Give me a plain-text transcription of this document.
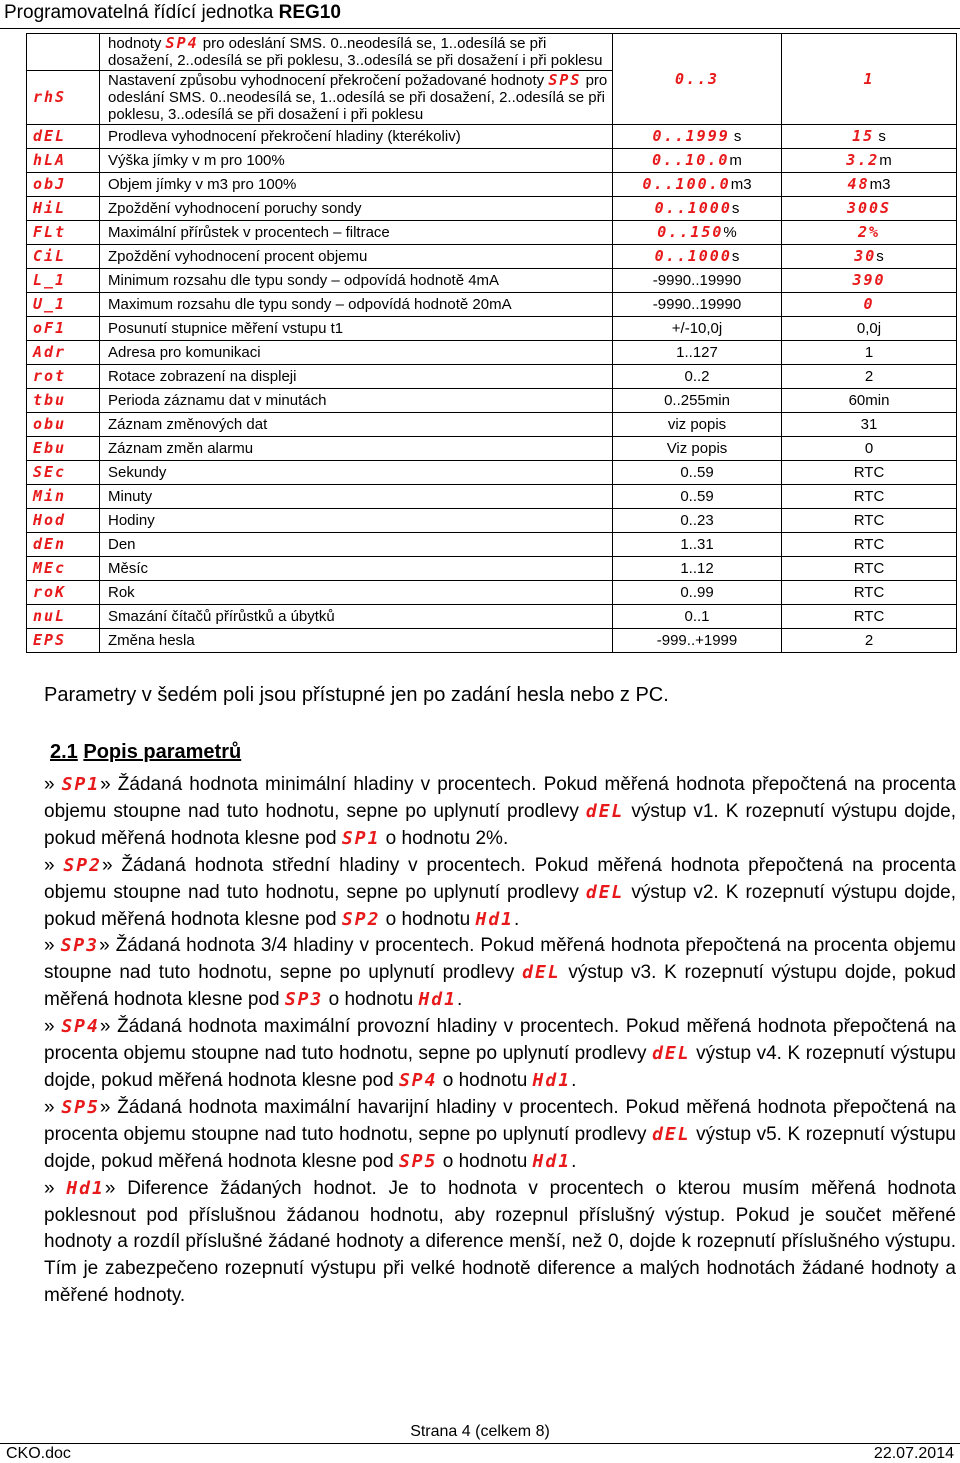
Programovatelná řídící jednotka REG10
	hodnoty SP4 pro odeslání SMS. 0..neodesílá se, 1..odesílá se při dosažení, 2..odesílá se při poklesu, 3..odesílá se při dosažení i při poklesu	0..3	1
rhS	Nastavení způsobu vyhodnocení překročení požadované hodnoty SPS pro odeslání SMS. 0..neodesílá se, 1..odesílá se při dosažení, 2..odesílá se při poklesu, 3..odesílá se při dosažení i při poklesu		
dEL	Prodleva vyhodnocení překročení hladiny (kterékoliv)	0..1999 s	15 s
hLA	Výška jímky v m pro 100%	0..10.0m	3.2m
obJ	Objem jímky v m3 pro 100%	0..100.0m3	48m3
HiL	Zpoždění vyhodnocení poruchy sondy	0..1000s	300S
FLt	Maximální přírůstek v procentech – filtrace	0..150%	2%
CiL	Zpoždění vyhodnocení procent objemu	0..1000s	30s
L_1	Minimum rozsahu dle typu sondy – odpovídá hodnotě 4mA	-9990..19990	390
U_1	Maximum rozsahu dle typu sondy – odpovídá hodnotě 20mA	-9990..19990	0
oF1	Posunutí stupnice měření vstupu t1	+/-10,0j	0,0j
Adr	Adresa pro komunikaci	1..127	1
rot	Rotace zobrazení na displeji	0..2	2
tbu	Perioda záznamu dat v minutách	0..255min	60min
obu	Záznam změnových dat	viz popis	31
Ebu	Záznam změn alarmu	Viz popis	0
SEc	Sekundy	0..59	RTC
Min	Minuty	0..59	RTC
Hod	Hodiny	0..23	RTC
dEn	Den	1..31	RTC
MEc	Měsíc	1..12	RTC
roK	Rok	0..99	RTC
nuL	Smazání čítačů přírůstků a úbytků	0..1	RTC
EPS	Změna hesla	-999..+1999	2
Parametry v šedém poli jsou přístupné jen po zadání hesla nebo z PC.
2.1 Popis parametrů

» SP1» Žádaná hodnota minimální hladiny v procentech. Pokud měřená hodnota přepočtená na procenta objemu stoupne nad tuto hodnotu, sepne po uplynutí prodlevy dEL výstup v1. K rozepnutí výstupu dojde, pokud měřená hodnota klesne pod SP1 o hodnotu 2%.

» SP2» Žádaná hodnota střední hladiny v procentech. Pokud měřená hodnota přepočtená na procenta objemu stoupne nad tuto hodnotu, sepne po uplynutí prodlevy dEL výstup v2. K rozepnutí výstupu dojde, pokud měřená hodnota klesne pod SP2 o hodnotu Hd1.

» SP3» Žádaná hodnota 3/4 hladiny v procentech. Pokud měřená hodnota přepočtená na procenta objemu stoupne nad tuto hodnotu, sepne po uplynutí prodlevy dEL výstup v3. K rozepnutí výstupu dojde, pokud měřená hodnota klesne pod SP3 o hodnotu Hd1.

» SP4» Žádaná hodnota maximální provozní hladiny v procentech. Pokud měřená hodnota přepočtená na procenta objemu stoupne nad tuto hodnotu, sepne po uplynutí prodlevy dEL výstup v4. K rozepnutí výstupu dojde, pokud měřená hodnota klesne pod SP4 o hodnotu Hd1.

» SP5» Žádaná hodnota maximální havarijní hladiny v procentech. Pokud měřená hodnota přepočtená na procenta objemu stoupne nad tuto hodnotu, sepne po uplynutí prodlevy dEL výstup v5. K rozepnutí výstupu dojde, pokud měřená hodnota klesne pod SP5 o hodnotu Hd1.

» Hd1» Diference žádaných hodnot. Je to hodnota v procentech o kterou musím měřená hodnota poklesnout pod příslušnou žádanou hodnotu, aby rozepnul příslušný výstup. Pokud je součet měřené hodnoty a rozdíl příslušné žádané hodnoty a diference menší, než 0, dojde k rozepnutí příslušného výstupu. Tím je zabezpečeno rozepnutí výstupu při velké hodnotě diference a malých hodnotách žádané hodnoty a měřené hodnoty.

Strana 4 (celkem 8)
CKO.doc	22.07.2014
